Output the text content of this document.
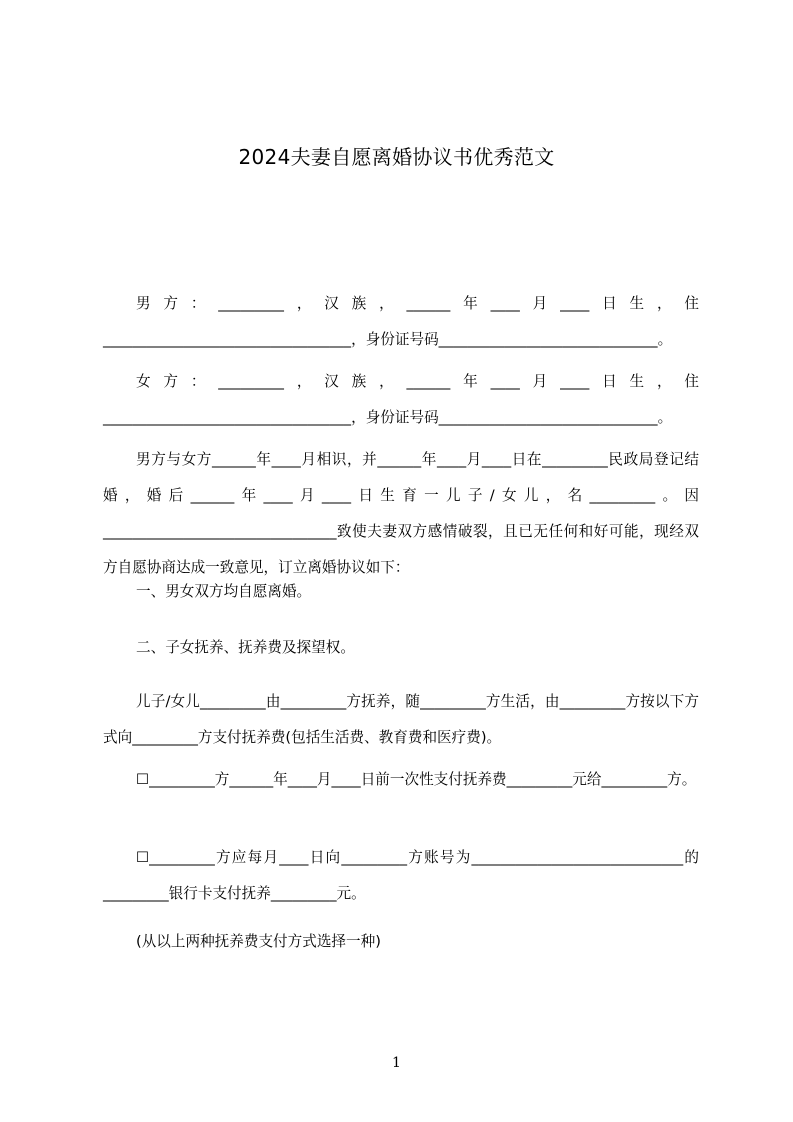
2024夫妻自愿离婚协议书优秀范文

男方：_________，汉族，______年____月____日生，住__________________________________，身份证号码______________________________。

女方：_________，汉族，______年____月____日生，住__________________________________，身份证号码______________________________。

男方与女方______年____月相识，并______年____月____日在_________民政局登记结婚，婚后______年____月____日生育一儿子/女儿，名_________。因________________________________致使夫妻双方感情破裂，且已无任何和好可能，现经双方自愿协商达成一致意见，订立离婚协议如下：

一、男女双方均自愿离婚。

二、子女抚养、抚养费及探望权。

儿子/女儿_________由_________方抚养，随_________方生活，由_________方按以下方式向_________方支付抚养费(包括生活费、教育费和医疗费)。

☐_________方______年____月____日前一次性支付抚养费_________元给_________方。

☐_________方应每月____日向_________方账号为_____________________________的_________银行卡支付抚养_________元。

(从以上两种抚养费支付方式选择一种)

1
